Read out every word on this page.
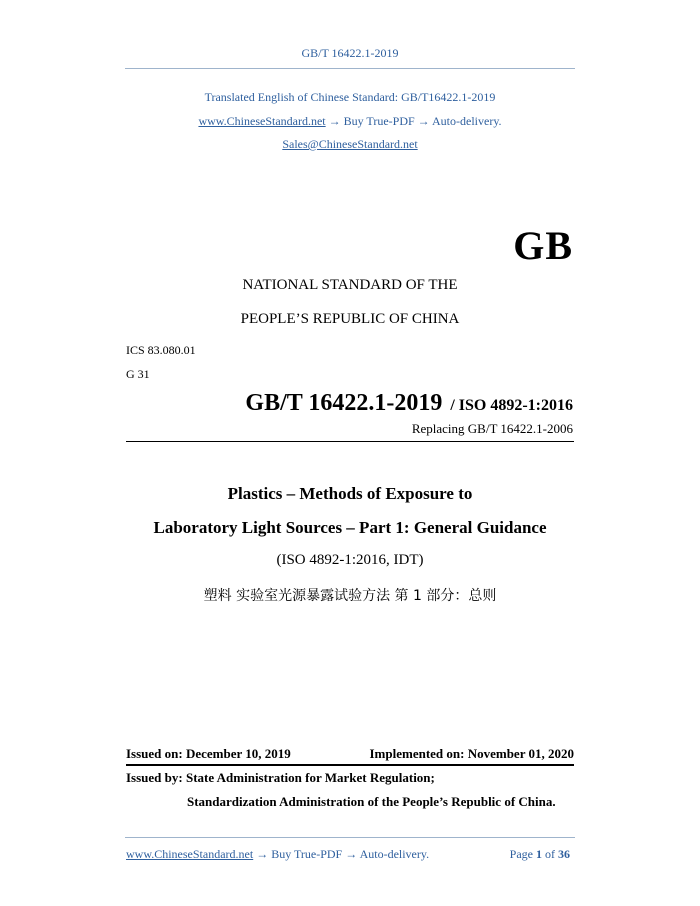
GB/T 16422.1-2019
Translated English of Chinese Standard: GB/T16422.1-2019
www.ChineseStandard.net → Buy True-PDF → Auto-delivery.
Sales@ChineseStandard.net
GB
NATIONAL STANDARD OF THE
PEOPLE’S REPUBLIC OF CHINA
ICS 83.080.01
G 31
GB/T 16422.1-2019 / ISO 4892-1:2016
Replacing GB/T 16422.1-2006
Plastics – Methods of Exposure to
Laboratory Light Sources – Part 1: General Guidance
(ISO 4892-1:2016, IDT)
塑料 实验室光源暴露试验方法 第 1 部分：总则
Issued on: December 10, 2019	Implemented on: November 01, 2020
Issued by: State Administration for Market Regulation;
Standardization Administration of the People’s Republic of China.
www.ChineseStandard.net → Buy True-PDF → Auto-delivery.	Page 1 of 36
